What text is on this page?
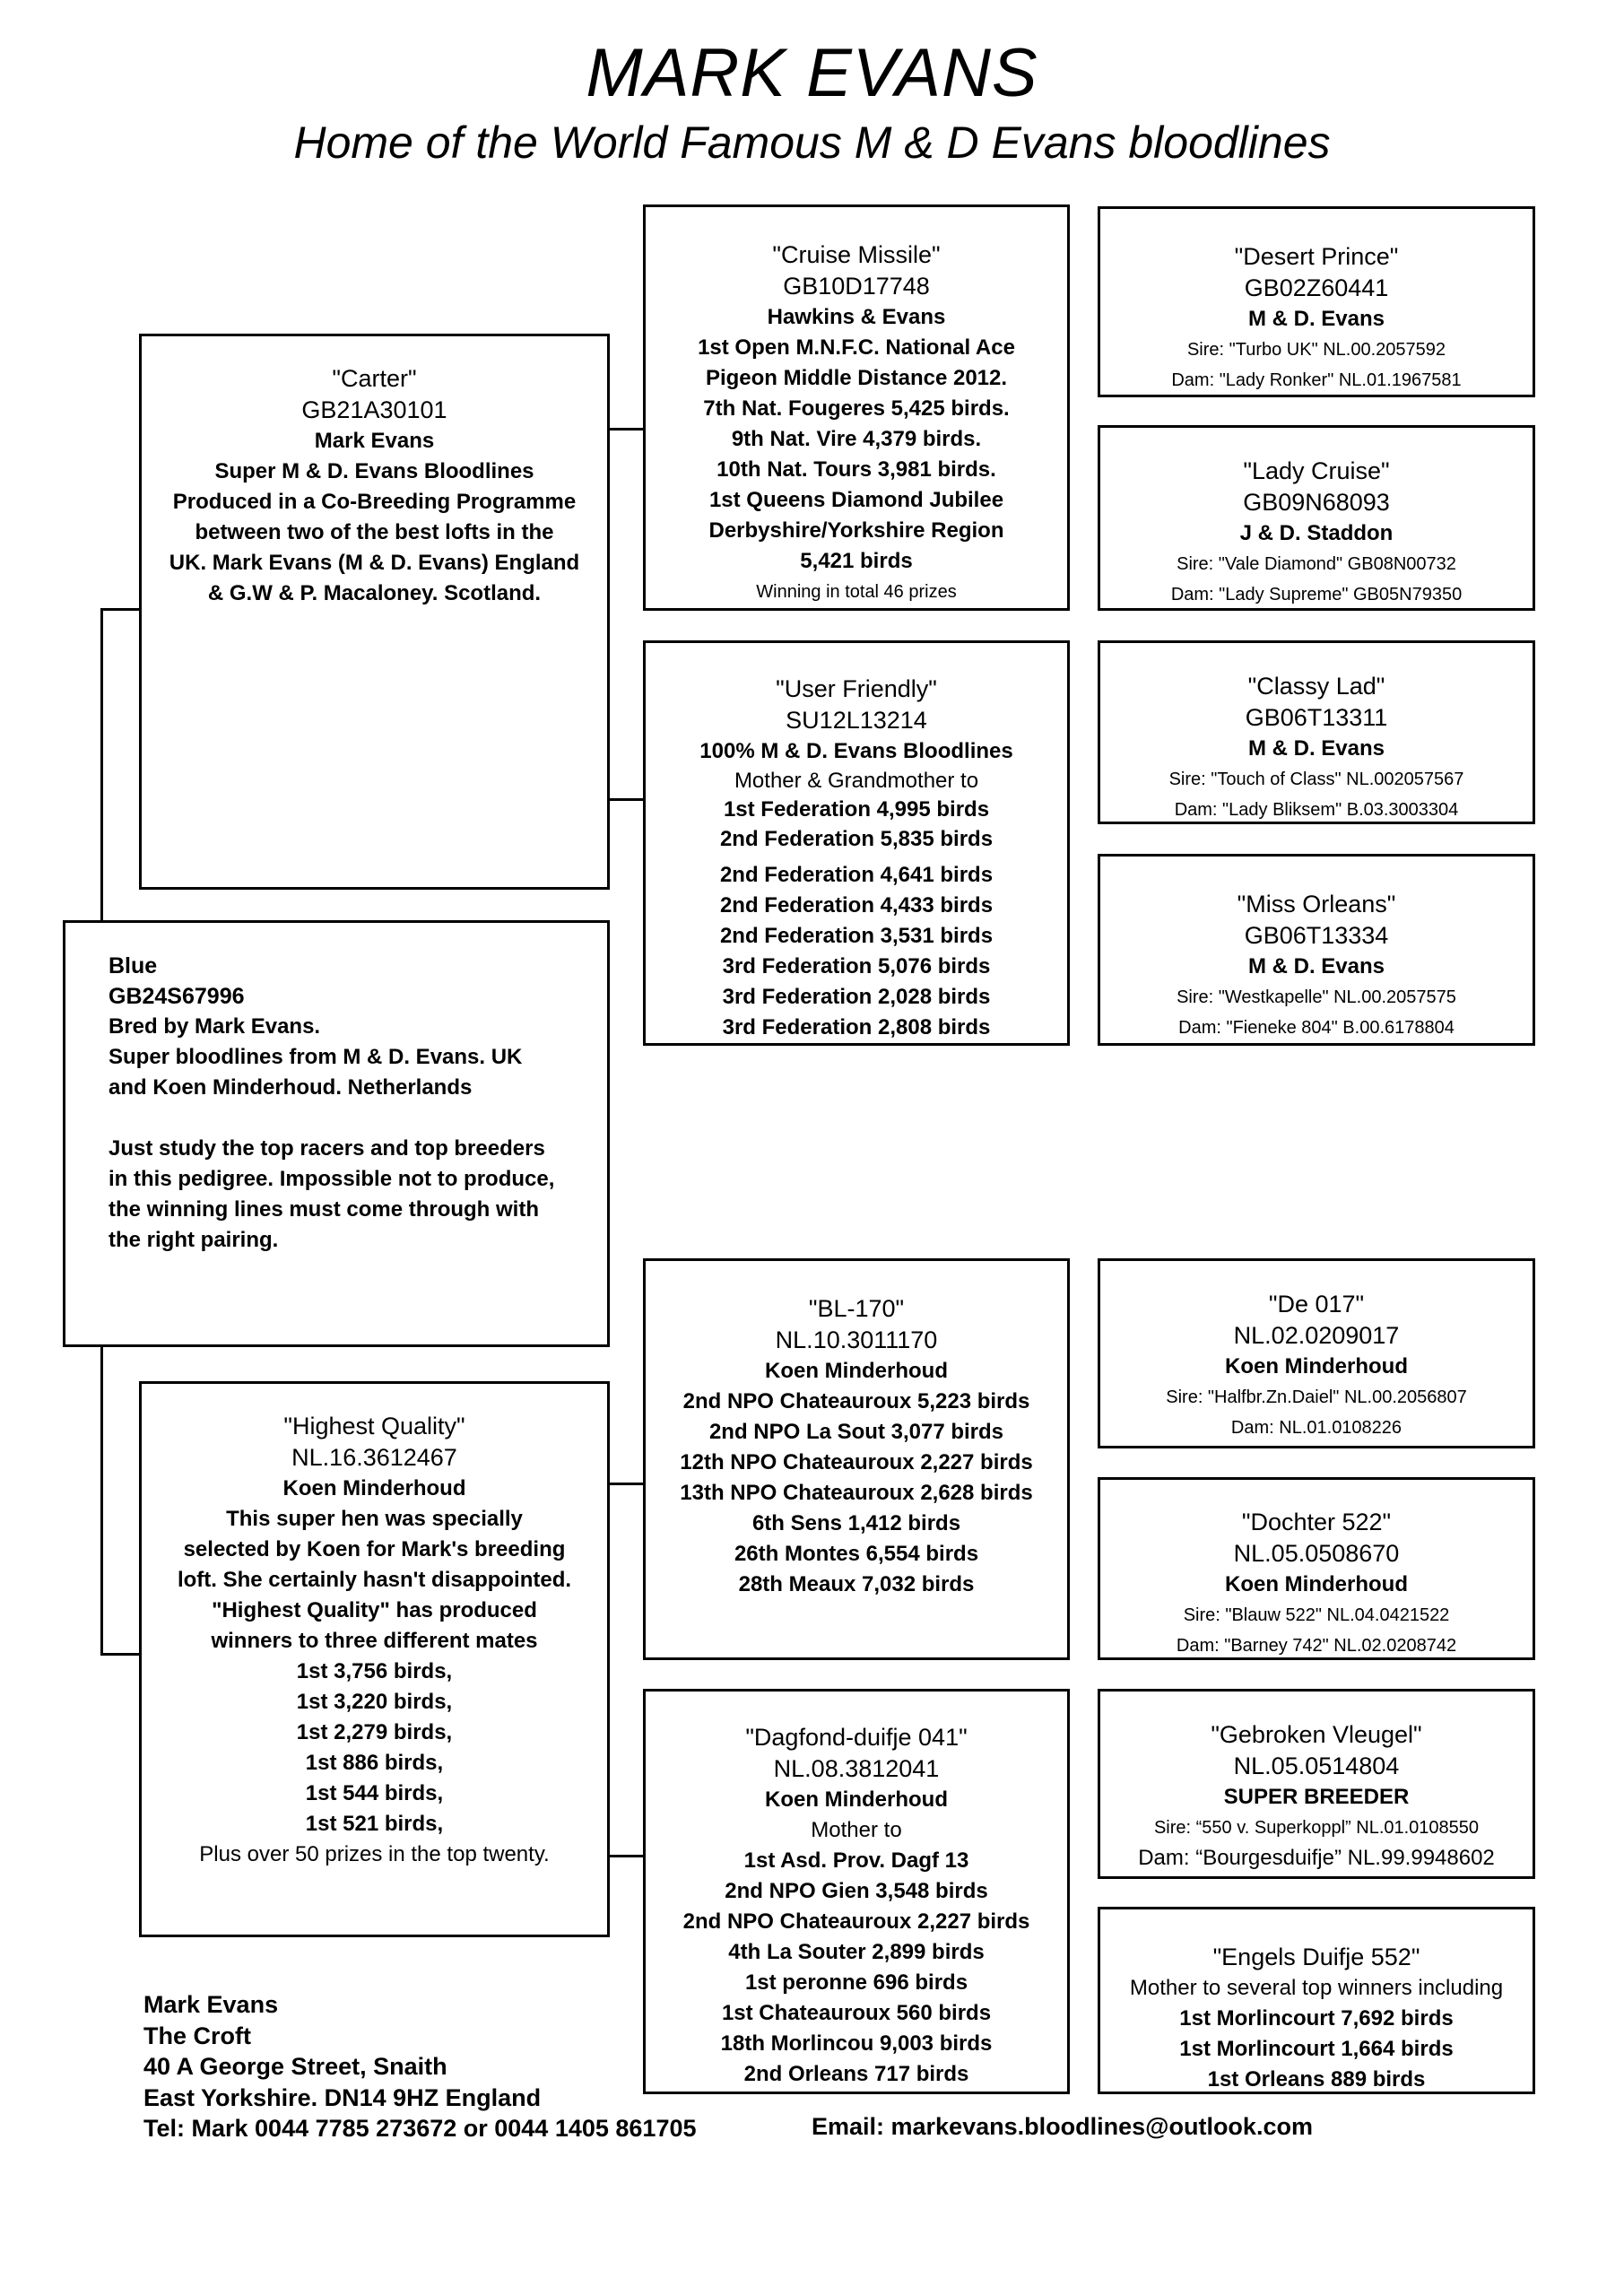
MARK EVANS
Home of the World Famous M & D Evans bloodlines
Blue
GB24S67996
Bred by Mark Evans.
Super bloodlines from M & D. Evans. UK
and Koen Minderhoud. Netherlands

Just study the top racers and top breeders
in this pedigree. Impossible not to produce,
the winning lines must come through with
the right pairing.
"Carter"
GB21A30101
Mark Evans
Super M & D. Evans Bloodlines
Produced in a Co-Breeding Programme
between two of the best lofts in the
UK. Mark Evans (M & D. Evans) England
& G.W & P. Macaloney. Scotland.
"Highest Quality"
NL.16.3612467
Koen Minderhoud
This super hen was specially
selected by Koen for Mark's breeding
loft. She certainly hasn't disappointed.
"Highest Quality" has produced
winners to three different mates
1st 3,756 birds,
1st 3,220 birds,
1st 2,279 birds,
1st 886 birds,
1st 544 birds,
1st 521 birds,
Plus over 50 prizes in the top twenty.
"Cruise Missile"
GB10D17748
Hawkins & Evans
1st Open M.N.F.C. National Ace
Pigeon Middle Distance 2012.
7th Nat. Fougeres 5,425 birds.
9th Nat. Vire 4,379 birds.
10th Nat. Tours 3,981 birds.
1st Queens Diamond Jubilee
Derbyshire/Yorkshire Region
5,421 birds
Winning in total 46 prizes
"User Friendly"
SU12L13214
100% M & D. Evans Bloodlines
Mother & Grandmother to
1st Federation 4,995 birds
2nd Federation 5,835 birds
2nd Federation 4,641 birds
2nd Federation 4,433 birds
2nd Federation 3,531 birds
3rd Federation 5,076 birds
3rd Federation 2,028 birds
3rd Federation 2,808 birds
"BL-170"
NL.10.3011170
Koen Minderhoud
2nd NPO Chateauroux 5,223 birds
2nd NPO La Sout 3,077 birds
12th NPO Chateauroux 2,227 birds
13th NPO Chateauroux 2,628 birds
6th Sens 1,412 birds
26th Montes 6,554 birds
28th Meaux 7,032 birds
"Dagfond-duifje 041"
NL.08.3812041
Koen Minderhoud
Mother to
1st Asd. Prov. Dagf 13
2nd NPO Gien 3,548 birds
2nd NPO Chateauroux 2,227 birds
4th La Souter 2,899 birds
1st peronne 696 birds
1st Chateauroux 560 birds
18th Morlincou 9,003 birds
2nd Orleans 717 birds
"Desert Prince"
GB02Z60441
M & D. Evans
Sire: "Turbo UK" NL.00.2057592
Dam: "Lady Ronker" NL.01.1967581
"Lady Cruise"
GB09N68093
J & D. Staddon
Sire: "Vale Diamond" GB08N00732
Dam: "Lady Supreme" GB05N79350
"Classy Lad"
GB06T13311
M & D. Evans
Sire: "Touch of Class" NL.002057567
Dam: "Lady Bliksem" B.03.3003304
"Miss Orleans"
GB06T13334
M & D. Evans
Sire: "Westkapelle" NL.00.2057575
Dam: "Fieneke 804" B.00.6178804
"De 017"
NL.02.0209017
Koen Minderhoud
Sire: "Halfbr.Zn.Daiel" NL.00.2056807
Dam: NL.01.0108226
"Dochter 522"
NL.05.0508670
Koen Minderhoud
Sire: "Blauw 522" NL.04.0421522
Dam: "Barney 742" NL.02.0208742
"Gebroken Vleugel"
NL.05.0514804
SUPER BREEDER
Sire: “550 v. Superkoppl” NL.01.0108550
Dam: “Bourgesduifje” NL.99.9948602
"Engels Duifje 552"
Mother to several top winners including
1st Morlincourt 7,692 birds
1st Morlincourt 1,664 birds
1st Orleans 889 birds
Mark Evans
The Croft
40 A George Street, Snaith
East Yorkshire. DN14 9HZ England
Tel: Mark 0044 7785 273672 or 0044 1405 861705	Email: markevans.bloodlines@outlook.com
